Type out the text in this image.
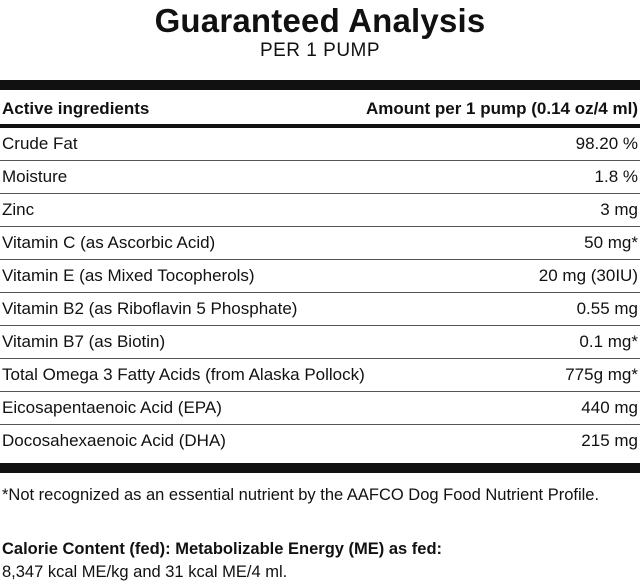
Guaranteed Analysis
PER 1 PUMP
Active ingredients	Amount per 1 pump (0.14 oz/4 ml)
Crude Fat	98.20 %
Moisture	1.8 %
Zinc	3 mg
Vitamin C (as Ascorbic Acid)	50 mg*
Vitamin E (as Mixed Tocopherols)	20 mg (30IU)
Vitamin B2 (as Riboflavin 5 Phosphate)	0.55 mg
Vitamin B7 (as Biotin)	0.1 mg*
Total Omega 3 Fatty Acids (from Alaska Pollock)	775g mg*
Eicosapentaenoic Acid (EPA)	440 mg
Docosahexaenoic Acid (DHA)	215 mg
*Not recognized as an essential nutrient by the AAFCO Dog Food Nutrient Profile.
Calorie Content (fed): Metabolizable Energy (ME) as fed:
8,347 kcal ME/kg and 31 kcal ME/4 ml.
